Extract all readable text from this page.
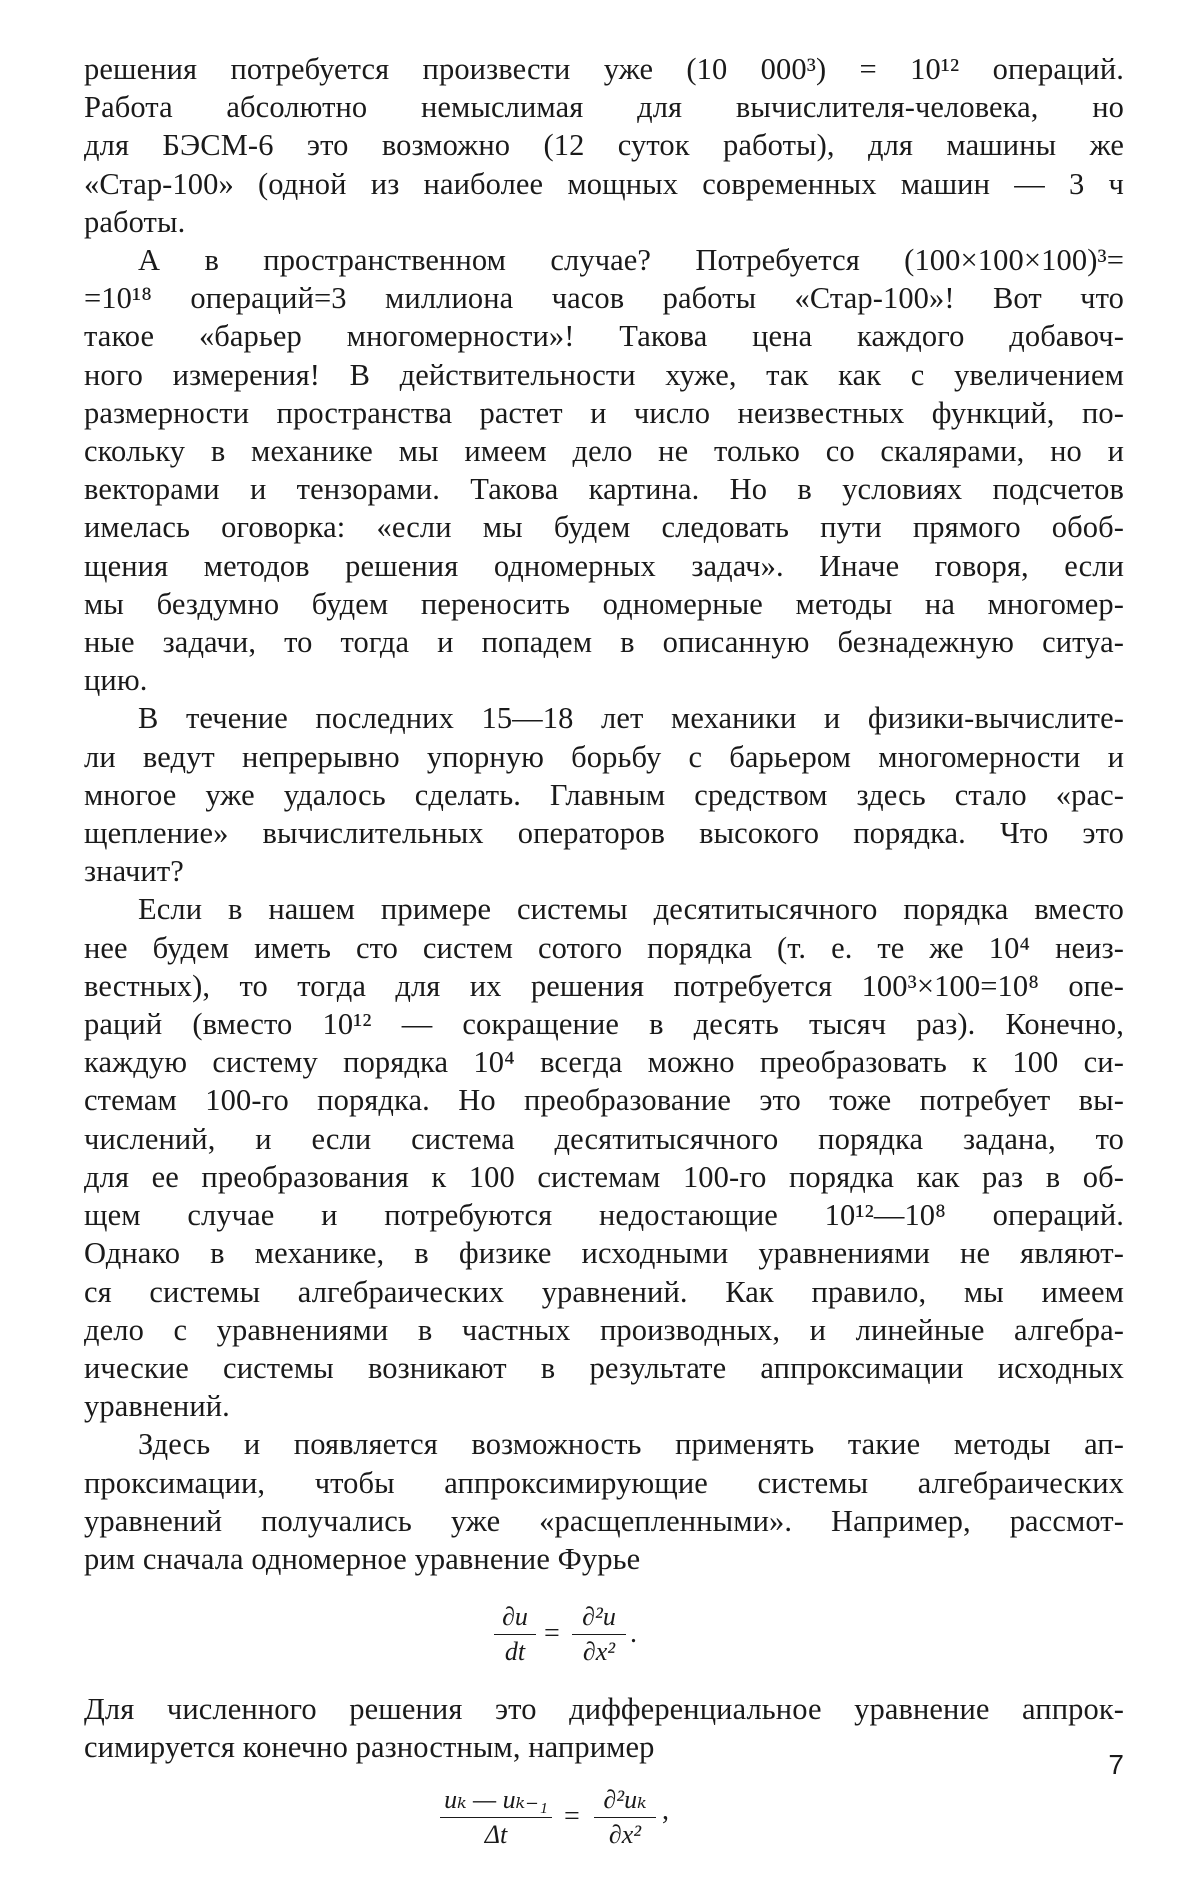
решения потребуется произвести уже (10 000³) = 10¹² операций.
Работа абсолютно немыслимая для вычислителя-человека, но
для БЭСМ-6 это возможно (12 суток работы), для машины же
«Стар-100» (одной из наиболее мощных современных машин — 3 ч
работы.
А в пространственном случае? Потребуется (100×100×100)³=
=10¹⁸ операций=3 миллиона часов работы «Стар-100»! Вот что
такое «барьер многомерности»! Такова цена каждого добавоч-
ного измерения! В действительности хуже, так как с увеличением
размерности пространства растет и число неизвестных функций, по-
скольку в механике мы имеем дело не только со скалярами, но и
векторами и тензорами. Такова картина. Но в условиях подсчетов
имелась оговорка: «если мы будем следовать пути прямого обоб-
щения методов решения одномерных задач». Иначе говоря, если
мы бездумно будем переносить одномерные методы на многомер-
ные задачи, то тогда и попадем в описанную безнадежную ситуа-
цию.
В течение последних 15—18 лет механики и физики-вычислите-
ли ведут непрерывно упорную борьбу с барьером многомерности и
многое уже удалось сделать. Главным средством здесь стало «рас-
щепление» вычислительных операторов высокого порядка. Что это
значит?
Если в нашем примере системы десятитысячного порядка вместо
нее будем иметь сто систем сотого порядка (т. е. те же 10⁴ неиз-
вестных), то тогда для их решения потребуется 100³×100=10⁸ опе-
раций (вместо 10¹² — сокращение в десять тысяч раз). Конечно,
каждую систему порядка 10⁴ всегда можно преобразовать к 100 си-
стемам 100-го порядка. Но преобразование это тоже потребует вы-
числений, и если система десятитысячного порядка задана, то
для ее преобразования к 100 системам 100-го порядка как раз в об-
щем случае и потребуются недостающие 10¹²—10⁸ операций.
Однако в механике, в физике исходными уравнениями не являют-
ся системы алгебраических уравнений. Как правило, мы имеем
дело с уравнениями в частных производных, и линейные алгебра-
ические системы возникают в результате аппроксимации исходных
уравнений.
Здесь и появляется возможность применять такие методы ап-
проксимации, чтобы аппроксимирующие системы алгебраических
уравнений получались уже «расщепленными». Например, рассмот-
рим сначала одномерное уравнение Фурье
∂u
dt
=
∂²u
∂x²
.
Для численного решения это дифференциальное уравнение аппрок-
симируется конечно разностным, например
uₖ — uₖ₋₁
Δt
=
∂²uₖ
∂x²
,
7
